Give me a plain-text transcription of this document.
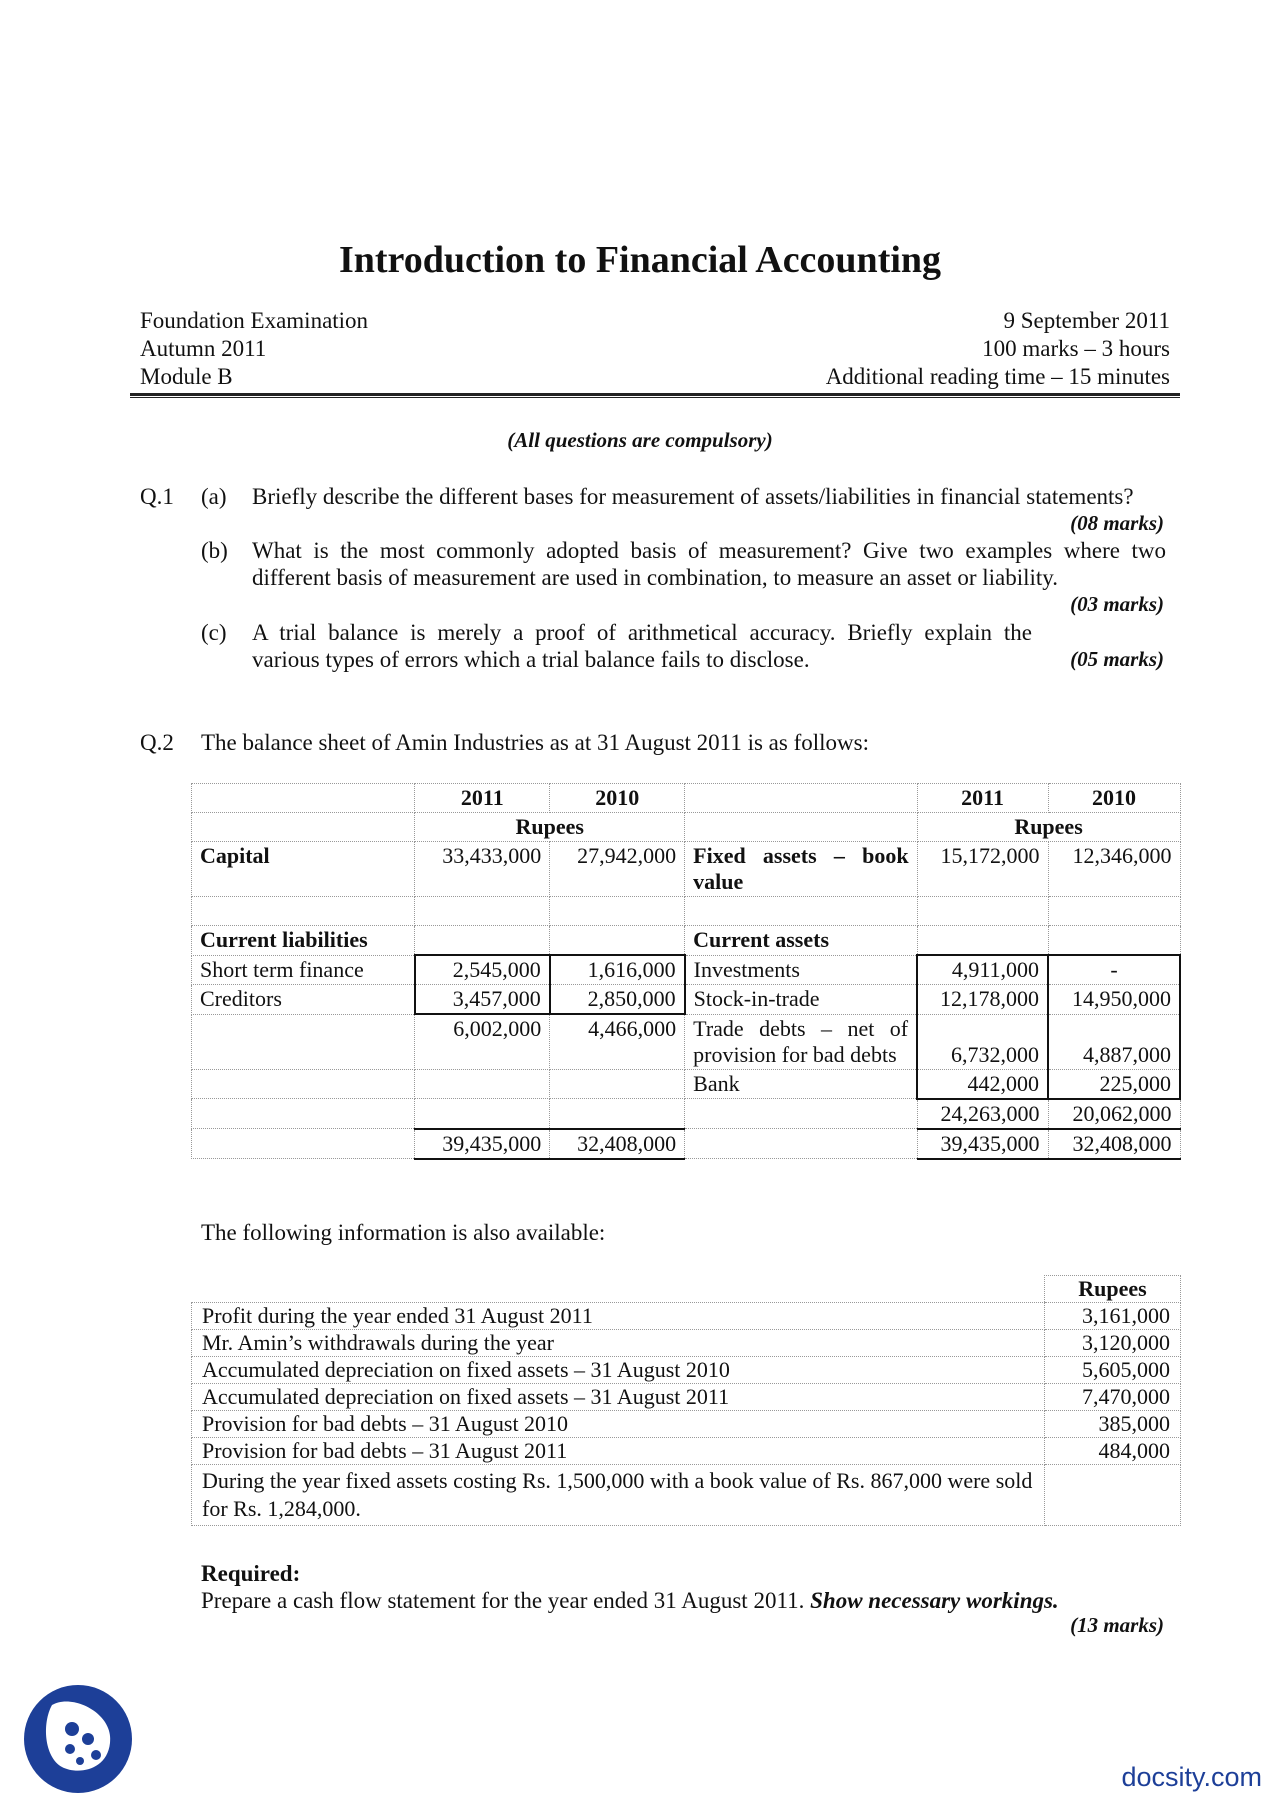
Introduction to Financial Accounting
Foundation Examination	9 September 2011
Autumn 2011	100 marks – 3 hours
Module B	Additional reading time – 15 minutes
(All questions are compulsory)
Q.1 (a) Briefly describe the different bases for measurement of assets/liabilities in financial statements?
(08 marks)
(b) What is the most commonly adopted basis of measurement? Give two examples where two different basis of measurement are used in combination, to measure an asset or liability.
(03 marks)
(c) A trial balance is merely a proof of arithmetical accuracy. Briefly explain the various types of errors which a trial balance fails to disclose.	(05 marks)
Q.2 The balance sheet of Amin Industries as at 31 August 2011 is as follows:
	2011	2010		2011	2010
	Rupees			Rupees	
Capital	33,433,000	27,942,000	Fixed assets – book value	15,172,000	12,346,000

Current liabilities			Current assets		
Short term finance	2,545,000	1,616,000	Investments	4,911,000	-
Creditors	3,457,000	2,850,000	Stock-in-trade	12,178,000	14,950,000
	6,002,000	4,466,000	Trade debts – net of provision for bad debts	6,732,000	4,887,000
			Bank	442,000	225,000
				24,263,000	20,062,000
	39,435,000	32,408,000		39,435,000	32,408,000
The following information is also available:
	Rupees
Profit during the year ended 31 August 2011	3,161,000
Mr. Amin’s withdrawals during the year	3,120,000
Accumulated depreciation on fixed assets – 31 August 2010	5,605,000
Accumulated depreciation on fixed assets – 31 August 2011	7,470,000
Provision for bad debts – 31 August 2010	385,000
Provision for bad debts – 31 August 2011	484,000
During the year fixed assets costing Rs. 1,500,000 with a book value of Rs. 867,000 were sold for Rs. 1,284,000.	
Required:
Prepare a cash flow statement for the year ended 31 August 2011. Show necessary workings.
(13 marks)
docsity.com
